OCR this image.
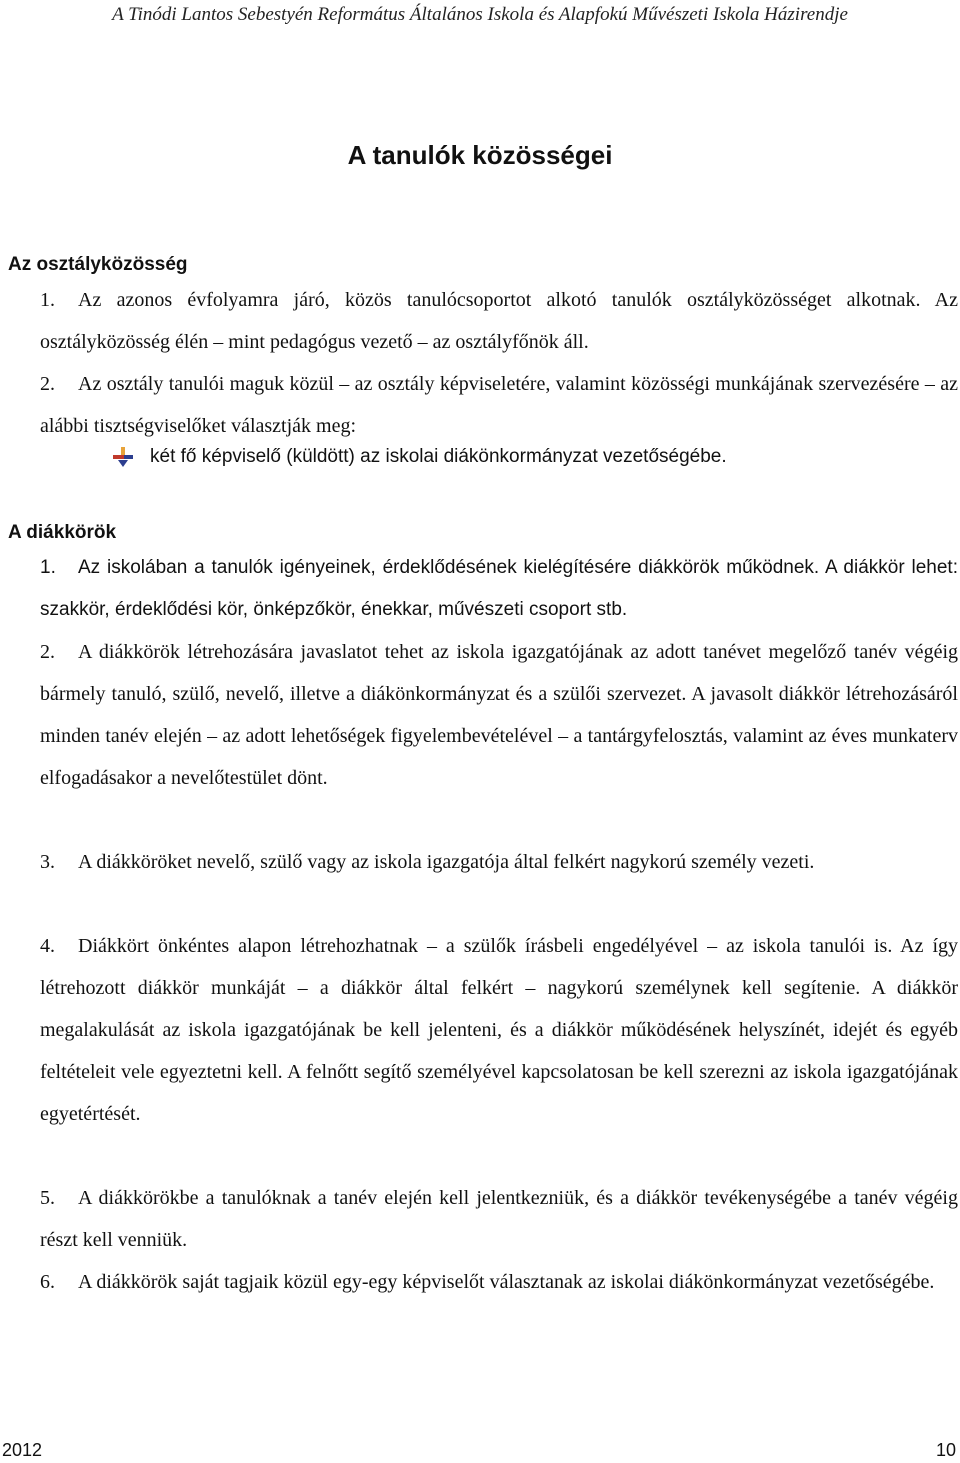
A Tinódi Lantos Sebestyén Református Általános Iskola és Alapfokú Művészeti Iskola Házirendje
A tanulók közösségei
Az osztályközösség
1. Az azonos évfolyamra járó, közös tanulócsoportot alkotó tanulók osztályközösséget alkotnak. Az osztályközösség élén – mint pedagógus vezető – az osztályfőnök áll.
2. Az osztály tanulói maguk közül – az osztály képviseletére, valamint közösségi munkájának szervezésére – az alábbi tisztségviselőket választják meg:
két fő képviselő (küldött) az iskolai diákönkormányzat vezetőségébe.
A diákkörök
1. Az iskolában a tanulók igényeinek, érdeklődésének kielégítésére diákkörök működnek. A diákkör lehet: szakkör, érdeklődési kör, önképzőkör, énekkar, művészeti csoport stb.
2. A diákkörök létrehozására javaslatot tehet az iskola igazgatójának az adott tanévet megelőző tanév végéig bármely tanuló, szülő, nevelő, illetve a diákönkormányzat és a szülői szervezet. A javasolt diákkör létrehozásáról minden tanév elején – az adott lehetőségek figyelembevételével – a tantárgyfelosztás, valamint az éves munkaterv elfogadásakor a nevelőtestület dönt.
3. A diákköröket nevelő, szülő vagy az iskola igazgatója által felkért nagykorú személy vezeti.
4. Diákkört önkéntes alapon létrehozhatnak – a szülők írásbeli engedélyével – az iskola tanulói is. Az így létrehozott diákkör munkáját – a diákkör által felkért – nagykorú személynek kell segítenie. A diákkör megalakulását az iskola igazgatójának be kell jelenteni, és a diákkör működésének helyszínét, idejét és egyéb feltételeit vele egyeztetni kell. A felnőtt segítő személyével kapcsolatosan be kell szerezni az iskola igazgatójának egyetértését.
5. A diákkörökbe a tanulóknak a tanév elején kell jelentkezniük, és a diákkör tevékenységébe a tanév végéig részt kell venniük.
6. A diákkörök saját tagjaik közül egy-egy képviselőt választanak az iskolai diákönkormányzat vezetőségébe.
2012	10
